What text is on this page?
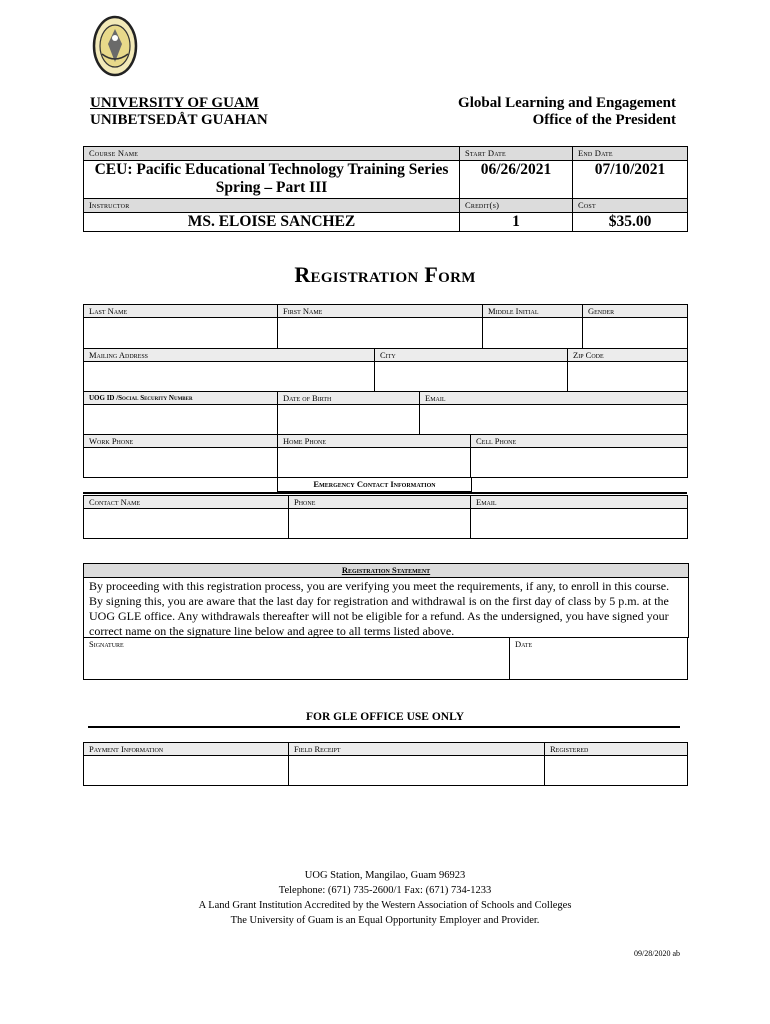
UNIVERSITY OF GUAM
UNIBETSEDÅT GUAHAN
Global Learning and Engagement
Office of the President
Course Name	Start Date	End Date

CEU: Pacific Educational Technology Training Series
Spring – Part III	06/26/2021	07/10/2021
Instructor	Credit(s)	Cost
MS. ELOISE SANCHEZ	1	$35.00
Registration Form
Last Name	First Name	Middle Initial	Gender
Mailing Address	City	Zip Code
UOG ID /Social Security Number	Date of Birth	Email
Work Phone	Home Phone	Cell Phone
Emergency Contact Information
Contact Name	Phone	Email
Registration Statement
By proceeding with this registration process, you are verifying you meet the requirements, if any, to enroll in this course. By signing this, you are aware that the last day for registration and withdrawal is on the first day of class by 5 p.m. at the UOG GLE office. Any withdrawals thereafter will not be eligible for a refund. As the undersigned, you have signed your correct name on the signature line below and agree to all terms listed above.
Signature	Date
FOR GLE OFFICE USE ONLY
Payment Information	Field Receipt	Registered
UOG Station, Mangilao, Guam 96923
Telephone: (671) 735-2600/1 Fax: (671) 734-1233
A Land Grant Institution Accredited by the Western Association of Schools and Colleges
The University of Guam is an Equal Opportunity Employer and Provider.
09/28/2020 ab
